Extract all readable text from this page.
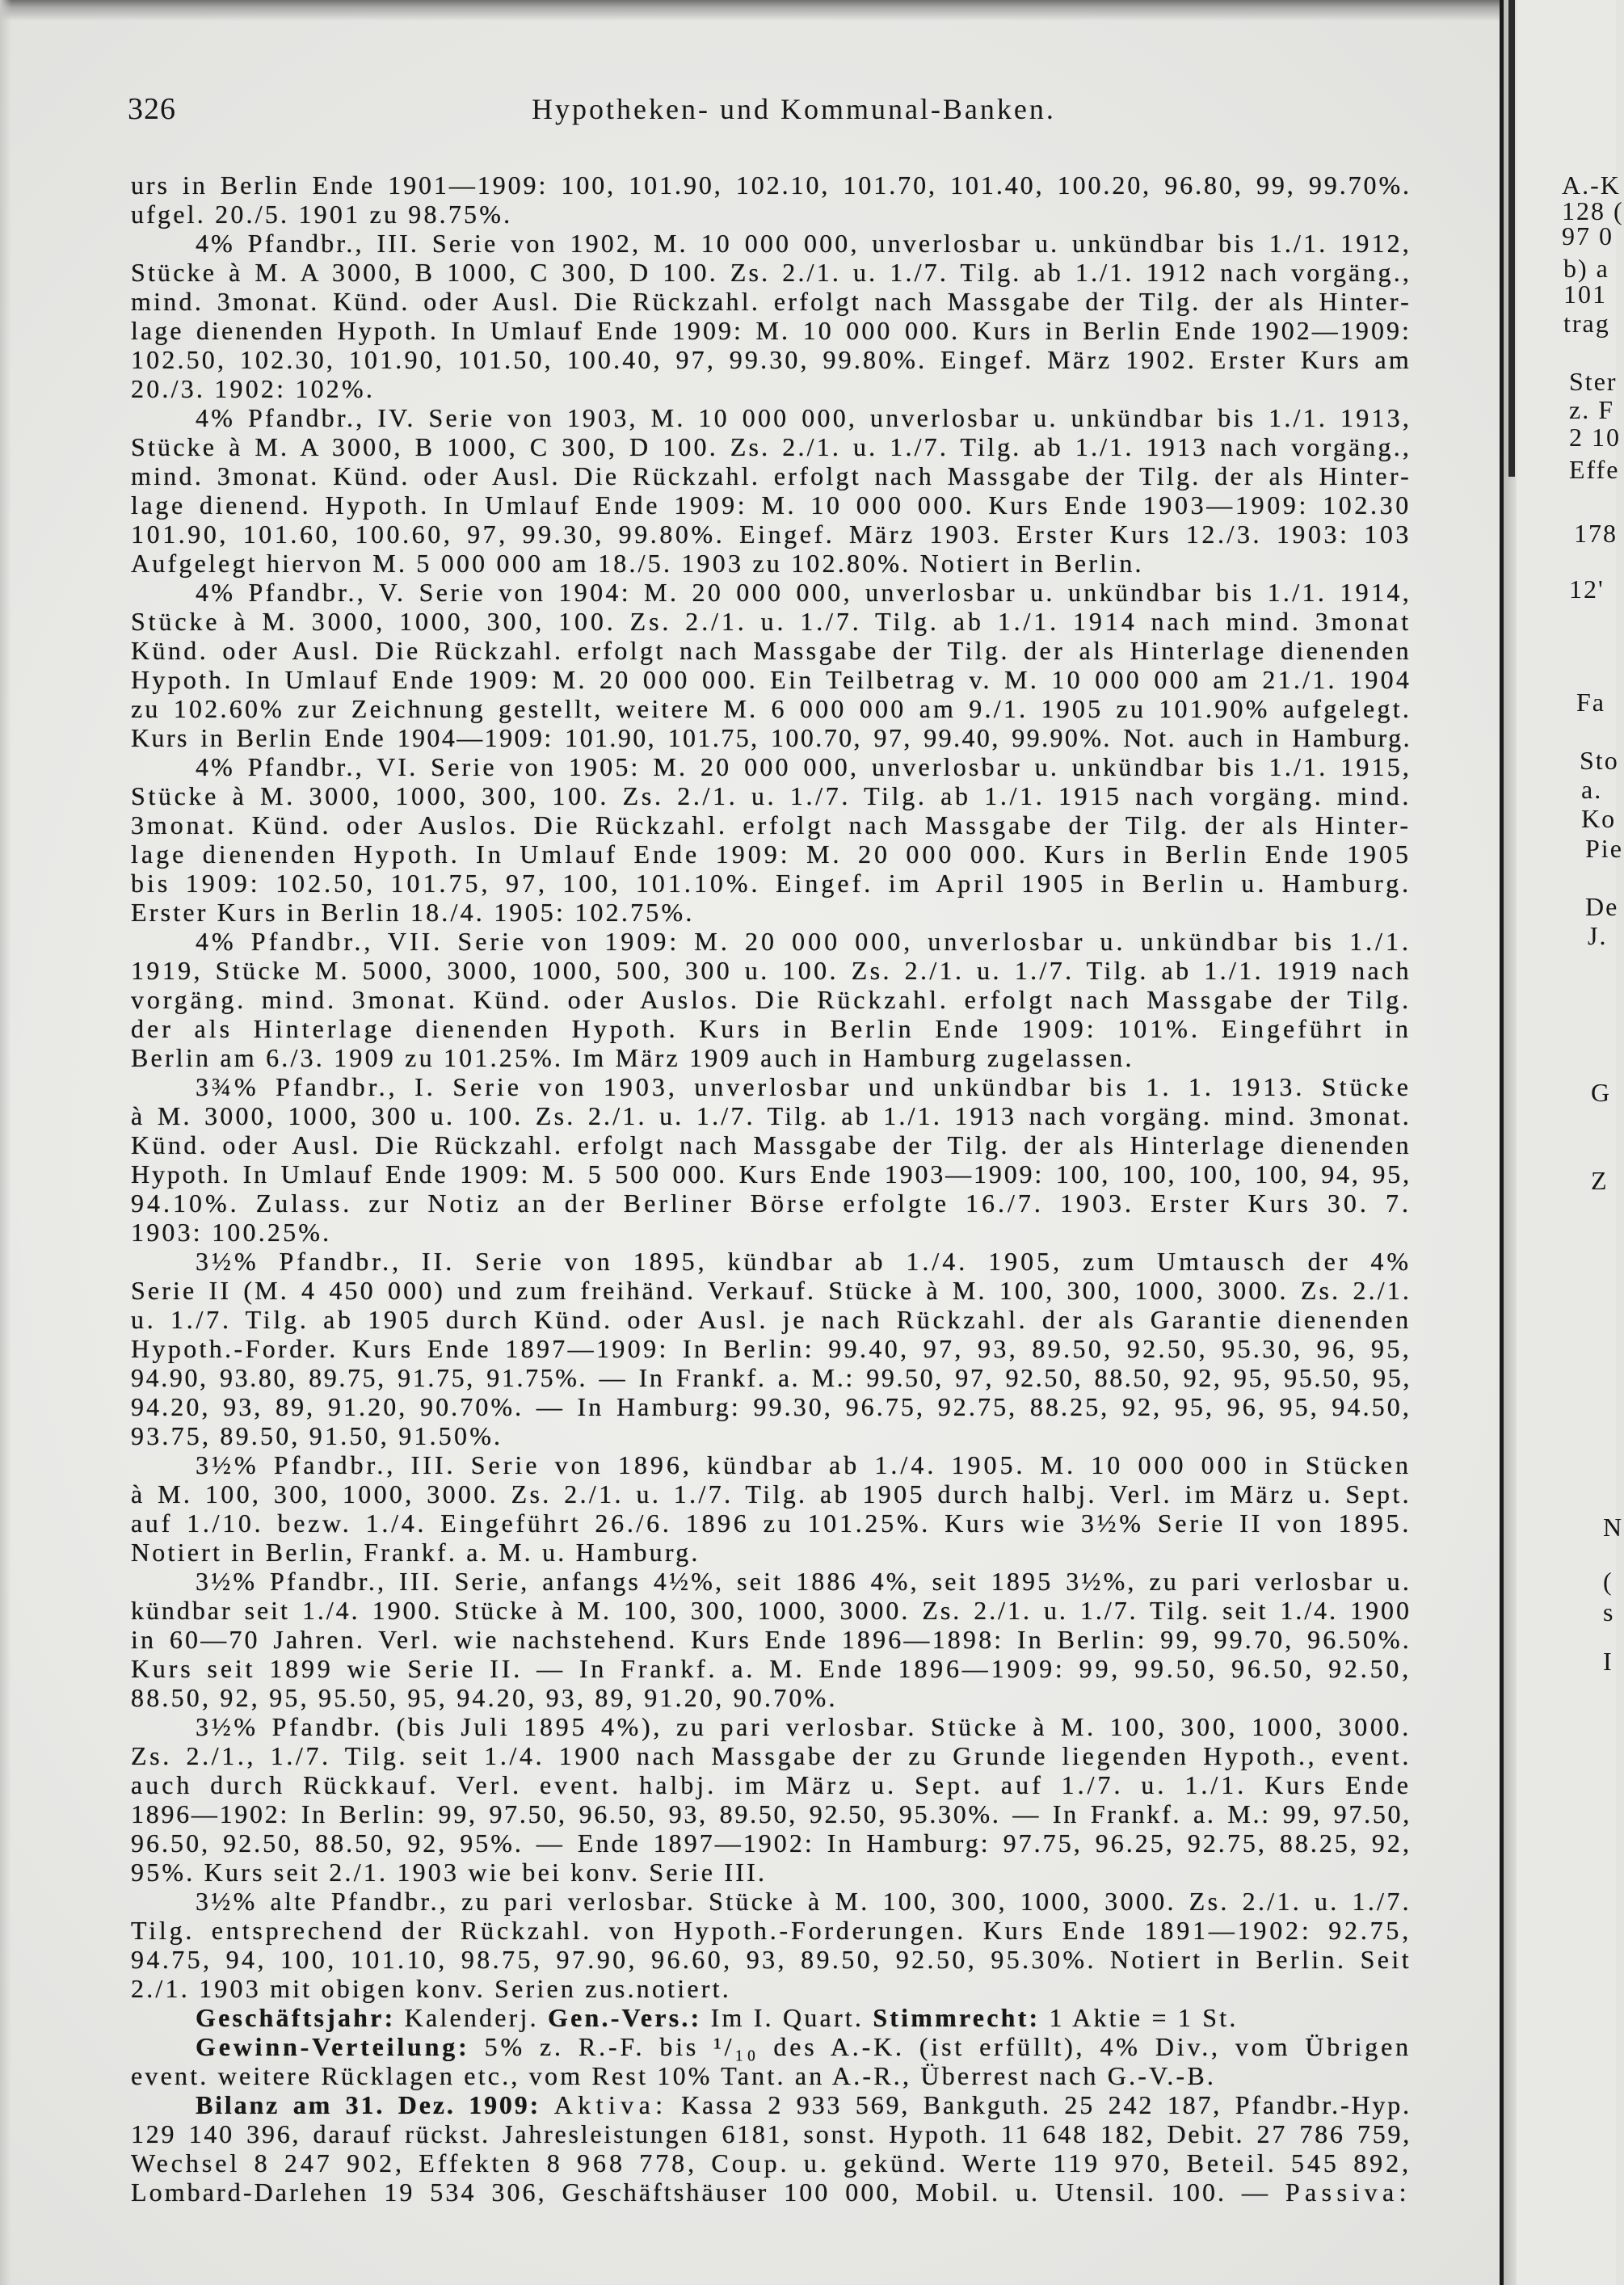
326	Hypotheken- und Kommunal-Banken.
urs in Berlin Ende 1901—1909: 100, 101.90, 102.10, 101.70, 101.40, 100.20, 96.80, 99, 99.70%.
ufgel. 20./5. 1901 zu 98.75%.
4% Pfandbr., III. Serie von 1902, M. 10 000 000, unverlosbar u. unkündbar bis 1./1. 1912,
Stücke à M. A 3000, B 1000, C 300, D 100. Zs. 2./1. u. 1./7. Tilg. ab 1./1. 1912 nach vorgäng.,
mind. 3monat. Künd. oder Ausl. Die Rückzahl. erfolgt nach Massgabe der Tilg. der als Hinter-
lage dienenden Hypoth. In Umlauf Ende 1909: M. 10 000 000. Kurs in Berlin Ende 1902—1909:
102.50, 102.30, 101.90, 101.50, 100.40, 97, 99.30, 99.80%. Eingef. März 1902. Erster Kurs am
20./3. 1902: 102%.
4% Pfandbr., IV. Serie von 1903, M. 10 000 000, unverlosbar u. unkündbar bis 1./1. 1913,
Stücke à M. A 3000, B 1000, C 300, D 100. Zs. 2./1. u. 1./7. Tilg. ab 1./1. 1913 nach vorgäng.,
mind. 3monat. Künd. oder Ausl. Die Rückzahl. erfolgt nach Massgabe der Tilg. der als Hinter-
lage dienend. Hypoth. In Umlauf Ende 1909: M. 10 000 000. Kurs Ende 1903—1909: 102.30
101.90, 101.60, 100.60, 97, 99.30, 99.80%. Eingef. März 1903. Erster Kurs 12./3. 1903: 103
Aufgelegt hiervon M. 5 000 000 am 18./5. 1903 zu 102.80%. Notiert in Berlin.
4% Pfandbr., V. Serie von 1904: M. 20 000 000, unverlosbar u. unkündbar bis 1./1. 1914,
Stücke à M. 3000, 1000, 300, 100. Zs. 2./1. u. 1./7. Tilg. ab 1./1. 1914 nach mind. 3monat
Künd. oder Ausl. Die Rückzahl. erfolgt nach Massgabe der Tilg. der als Hinterlage dienenden
Hypoth. In Umlauf Ende 1909: M. 20 000 000. Ein Teilbetrag v. M. 10 000 000 am 21./1. 1904
zu 102.60% zur Zeichnung gestellt, weitere M. 6 000 000 am 9./1. 1905 zu 101.90% aufgelegt.
Kurs in Berlin Ende 1904—1909: 101.90, 101.75, 100.70, 97, 99.40, 99.90%. Not. auch in Hamburg.
4% Pfandbr., VI. Serie von 1905: M. 20 000 000, unverlosbar u. unkündbar bis 1./1. 1915,
Stücke à M. 3000, 1000, 300, 100. Zs. 2./1. u. 1./7. Tilg. ab 1./1. 1915 nach vorgäng. mind.
3monat. Künd. oder Auslos. Die Rückzahl. erfolgt nach Massgabe der Tilg. der als Hinter-
lage dienenden Hypoth. In Umlauf Ende 1909: M. 20 000 000. Kurs in Berlin Ende 1905
bis 1909: 102.50, 101.75, 97, 100, 101.10%. Eingef. im April 1905 in Berlin u. Hamburg.
Erster Kurs in Berlin 18./4. 1905: 102.75%.
4% Pfandbr., VII. Serie von 1909: M. 20 000 000, unverlosbar u. unkündbar bis 1./1.
1919, Stücke M. 5000, 3000, 1000, 500, 300 u. 100. Zs. 2./1. u. 1./7. Tilg. ab 1./1. 1919 nach
vorgäng. mind. 3monat. Künd. oder Auslos. Die Rückzahl. erfolgt nach Massgabe der Tilg.
der als Hinterlage dienenden Hypoth. Kurs in Berlin Ende 1909: 101%. Eingeführt in
Berlin am 6./3. 1909 zu 101.25%. Im März 1909 auch in Hamburg zugelassen.
3¾% Pfandbr., I. Serie von 1903, unverlosbar und unkündbar bis 1. 1. 1913. Stücke
à M. 3000, 1000, 300 u. 100. Zs. 2./1. u. 1./7. Tilg. ab 1./1. 1913 nach vorgäng. mind. 3monat.
Künd. oder Ausl. Die Rückzahl. erfolgt nach Massgabe der Tilg. der als Hinterlage dienenden
Hypoth. In Umlauf Ende 1909: M. 5 500 000. Kurs Ende 1903—1909: 100, 100, 100, 100, 94, 95,
94.10%. Zulass. zur Notiz an der Berliner Börse erfolgte 16./7. 1903. Erster Kurs 30. 7.
1903: 100.25%.
3½% Pfandbr., II. Serie von 1895, kündbar ab 1./4. 1905, zum Umtausch der 4%
Serie II (M. 4 450 000) und zum freihänd. Verkauf. Stücke à M. 100, 300, 1000, 3000. Zs. 2./1.
u. 1./7. Tilg. ab 1905 durch Künd. oder Ausl. je nach Rückzahl. der als Garantie dienenden
Hypoth.-Forder. Kurs Ende 1897—1909: In Berlin: 99.40, 97, 93, 89.50, 92.50, 95.30, 96, 95,
94.90, 93.80, 89.75, 91.75, 91.75%. — In Frankf. a. M.: 99.50, 97, 92.50, 88.50, 92, 95, 95.50, 95,
94.20, 93, 89, 91.20, 90.70%. — In Hamburg: 99.30, 96.75, 92.75, 88.25, 92, 95, 96, 95, 94.50,
93.75, 89.50, 91.50, 91.50%.
3½% Pfandbr., III. Serie von 1896, kündbar ab 1./4. 1905. M. 10 000 000 in Stücken
à M. 100, 300, 1000, 3000. Zs. 2./1. u. 1./7. Tilg. ab 1905 durch halbj. Verl. im März u. Sept.
auf 1./10. bezw. 1./4. Eingeführt 26./6. 1896 zu 101.25%. Kurs wie 3½% Serie II von 1895.
Notiert in Berlin, Frankf. a. M. u. Hamburg.
3½% Pfandbr., III. Serie, anfangs 4½%, seit 1886 4%, seit 1895 3½%, zu pari verlosbar u.
kündbar seit 1./4. 1900. Stücke à M. 100, 300, 1000, 3000. Zs. 2./1. u. 1./7. Tilg. seit 1./4. 1900
in 60—70 Jahren. Verl. wie nachstehend. Kurs Ende 1896—1898: In Berlin: 99, 99.70, 96.50%.
Kurs seit 1899 wie Serie II. — In Frankf. a. M. Ende 1896—1909: 99, 99.50, 96.50, 92.50,
88.50, 92, 95, 95.50, 95, 94.20, 93, 89, 91.20, 90.70%.
3½% Pfandbr. (bis Juli 1895 4%), zu pari verlosbar. Stücke à M. 100, 300, 1000, 3000.
Zs. 2./1., 1./7. Tilg. seit 1./4. 1900 nach Massgabe der zu Grunde liegenden Hypoth., event.
auch durch Rückkauf. Verl. event. halbj. im März u. Sept. auf 1./7. u. 1./1. Kurs Ende
1896—1902: In Berlin: 99, 97.50, 96.50, 93, 89.50, 92.50, 95.30%. — In Frankf. a. M.: 99, 97.50,
96.50, 92.50, 88.50, 92, 95%. — Ende 1897—1902: In Hamburg: 97.75, 96.25, 92.75, 88.25, 92,
95%. Kurs seit 2./1. 1903 wie bei konv. Serie III.
3½% alte Pfandbr., zu pari verlosbar. Stücke à M. 100, 300, 1000, 3000. Zs. 2./1. u. 1./7.
Tilg. entsprechend der Rückzahl. von Hypoth.-Forderungen. Kurs Ende 1891—1902: 92.75,
94.75, 94, 100, 101.10, 98.75, 97.90, 96.60, 93, 89.50, 92.50, 95.30%. Notiert in Berlin. Seit
2./1. 1903 mit obigen konv. Serien zus.notiert.
Geschäftsjahr: Kalenderj. Gen.-Vers.: Im I. Quart. Stimmrecht: 1 Aktie = 1 St.
Gewinn-Verteilung: 5% z. R.-F. bis ¹/₁₀ des A.-K. (ist erfüllt), 4% Div., vom Übrigen
event. weitere Rücklagen etc., vom Rest 10% Tant. an A.-R., Überrest nach G.-V.-B.
Bilanz am 31. Dez. 1909: Aktiva: Kassa 2 933 569, Bankguth. 25 242 187, Pfandbr.-Hyp.
129 140 396, darauf rückst. Jahresleistungen 6181, sonst. Hypoth. 11 648 182, Debit. 27 786 759,
Wechsel 8 247 902, Effekten 8 968 778, Coup. u. gekünd. Werte 119 970, Beteil. 545 892,
Lombard-Darlehen 19 534 306, Geschäftshäuser 100 000, Mobil. u. Utensil. 100. — Passiva:
A.-K
128 (
97 0
b) a
101
trag
Ster
z. F
2 10
Effe
178
12'
Fa
Sto
a.
Ko
Pie
De
J.
G
Z
N
(
s
I
